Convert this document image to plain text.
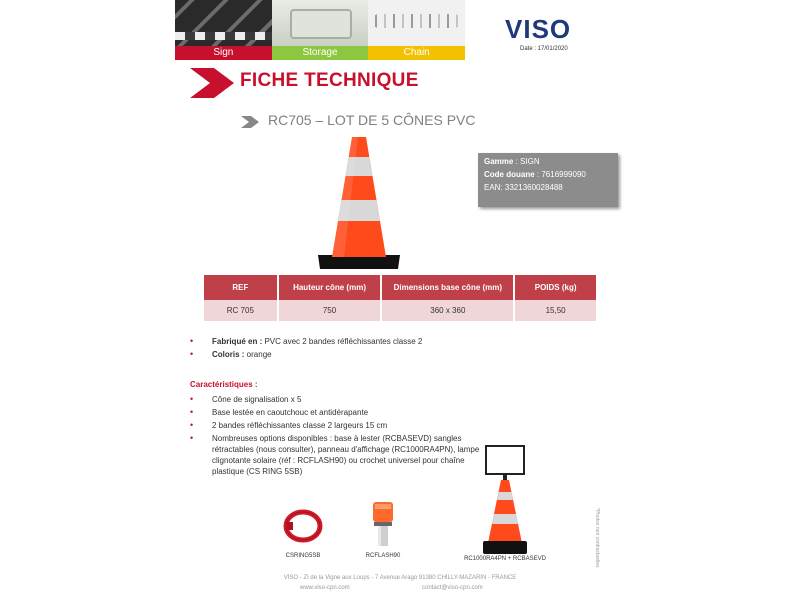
Sign	Storage	Chain
VISO
Date : 17/01/2020
FICHE TECHNIQUE
RC705 – LOT DE 5 CÔNES PVC
Gamme : SIGN
Code douane : 7616999090
EAN: 3321360028488
REF	Hauteur cône (mm)	Dimensions base cône (mm)	POIDS (kg)
RC 705	750	360 x 360	15,50
• Fabriqué en : PVC avec 2 bandes réfléchissantes classe 2
• Coloris : orange
Caractéristiques :
• Cône de signalisation x 5
• Base lestée en caoutchouc et antidérapante
• 2 bandes réfléchissantes classe 2 largeurs 15 cm
• Nombreuses options disponibles : base à lester (RCBASEVD) sangles rétractables (nous consulter), panneau d'affichage (RC1000RA4PN), lampe clignotante solaire (réf : RCFLASH90) ou crochet universel pour chaîne plastique (CS RING 5SB)
CSRING5SB	RCFLASH90	RC1000RA4PN + RCBASEVD
VISO - ZI de la Vigne aux Loups - 7 Avenue Arago 91380 CHILLY-MAZARIN - FRANCE
www.viso-cpn.com	contact@viso-cpn.com
*Photos non contractuelles
